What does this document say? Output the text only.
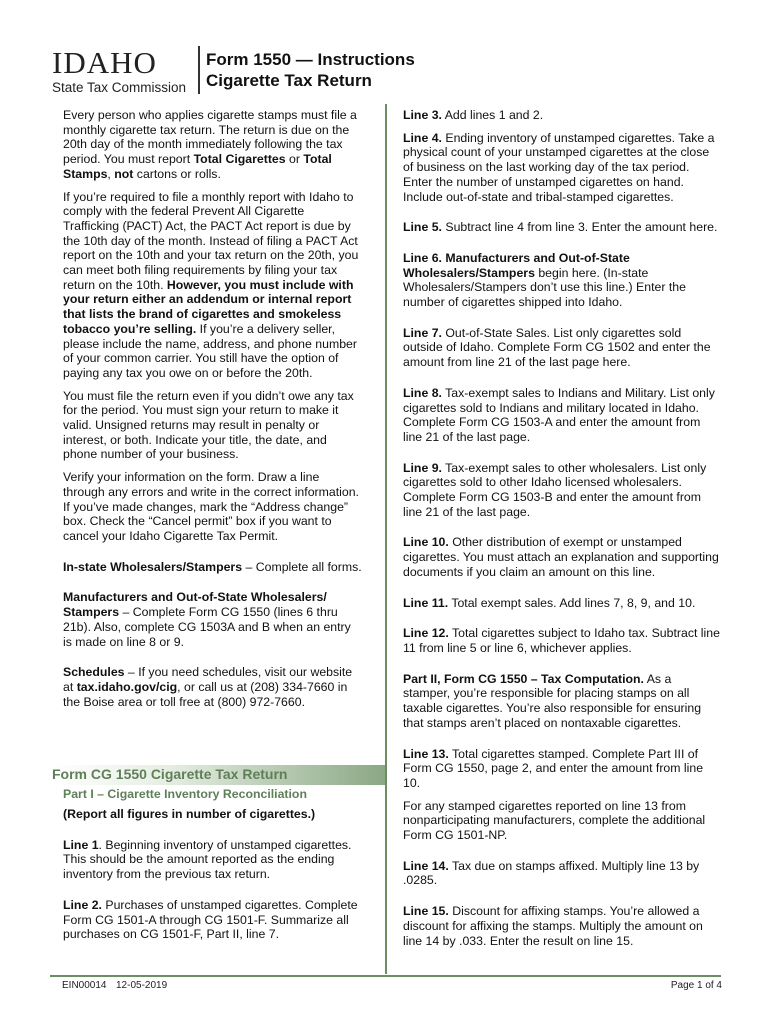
IDAHO
State Tax Commission
Form 1550 — Instructions
Cigarette Tax Return

Every person who applies cigarette stamps must file a monthly cigarette tax return. The return is due on the 20th day of the month immediately following the tax period. You must report Total Cigarettes or Total Stamps, not cartons or rolls.

If you’re required to file a monthly report with Idaho to comply with the federal Prevent All Cigarette Trafficking (PACT) Act, the PACT Act report is due by the 10th day of the month. Instead of filing a PACT Act report on the 10th and your tax return on the 20th, you can meet both filing requirements by filing your tax return on the 10th. However, you must include with your return either an addendum or internal report that lists the brand of cigarettes and smokeless tobacco you’re selling. If you’re a delivery seller, please include the name, address, and phone number of your common carrier. You still have the option of paying any tax you owe on or before the 20th.

You must file the return even if you didn’t owe any tax for the period. You must sign your return to make it valid. Unsigned returns may result in penalty or interest, or both. Indicate your title, the date, and phone number of your business.

Verify your information on the form. Draw a line through any errors and write in the correct information. If you’ve made changes, mark the “Address change” box. Check the “Cancel permit” box if you want to cancel your Idaho Cigarette Tax Permit.

In-state Wholesalers/Stampers – Complete all forms.

Manufacturers and Out-of-State Wholesalers/ Stampers – Complete Form CG 1550 (lines 6 thru 21b). Also, complete CG 1503A and B when an entry is made on line 8 or 9.

Schedules – If you need schedules, visit our website at tax.idaho.gov/cig, or call us at (208) 334-7660 in the Boise area or toll free at (800) 972-7660.

Form CG 1550 Cigarette Tax Return
Part I – Cigarette Inventory Reconciliation

(Report all figures in number of cigarettes.)

Line 1. Beginning inventory of unstamped cigarettes. This should be the amount reported as the ending inventory from the previous tax return.

Line 2. Purchases of unstamped cigarettes. Complete Form CG 1501-A through CG 1501-F. Summarize all purchases on CG 1501-F, Part II, line 7.

Line 3. Add lines 1 and 2.

Line 4. Ending inventory of unstamped cigarettes. Take a physical count of your unstamped cigarettes at the close of business on the last working day of the tax period. Enter the number of unstamped cigarettes on hand. Include out-of-state and tribal-stamped cigarettes.

Line 5. Subtract line 4 from line 3. Enter the amount here.

Line 6. Manufacturers and Out-of-State Wholesalers/Stampers begin here. (In-state Wholesalers/Stampers don’t use this line.) Enter the number of cigarettes shipped into Idaho.

Line 7. Out-of-State Sales. List only cigarettes sold outside of Idaho. Complete Form CG 1502 and enter the amount from line 21 of the last page here.

Line 8. Tax-exempt sales to Indians and Military. List only cigarettes sold to Indians and military located in Idaho. Complete Form CG 1503-A and enter the amount from line 21 of the last page.

Line 9. Tax-exempt sales to other wholesalers. List only cigarettes sold to other Idaho licensed wholesalers. Complete Form CG 1503-B and enter the amount from line 21 of the last page.

Line 10. Other distribution of exempt or unstamped cigarettes. You must attach an explanation and supporting documents if you claim an amount on this line.

Line 11. Total exempt sales. Add lines 7, 8, 9, and 10.

Line 12. Total cigarettes subject to Idaho tax. Subtract line 11 from line 5 or line 6, whichever applies.

Part II, Form CG 1550 – Tax Computation. As a stamper, you’re responsible for placing stamps on all taxable cigarettes. You’re also responsible for ensuring that stamps aren’t placed on nontaxable cigarettes.

Line 13. Total cigarettes stamped. Complete Part III of Form CG 1550, page 2, and enter the amount from line 10.

For any stamped cigarettes reported on line 13 from nonparticipating manufacturers, complete the additional Form CG 1501-NP.

Line 14. Tax due on stamps affixed. Multiply line 13 by .0285.

Line 15. Discount for affixing stamps. You’re allowed a discount for affixing the stamps. Multiply the amount on line 14 by .033. Enter the result on line 15.

EIN00014 12-05-2019	Page 1 of 4
